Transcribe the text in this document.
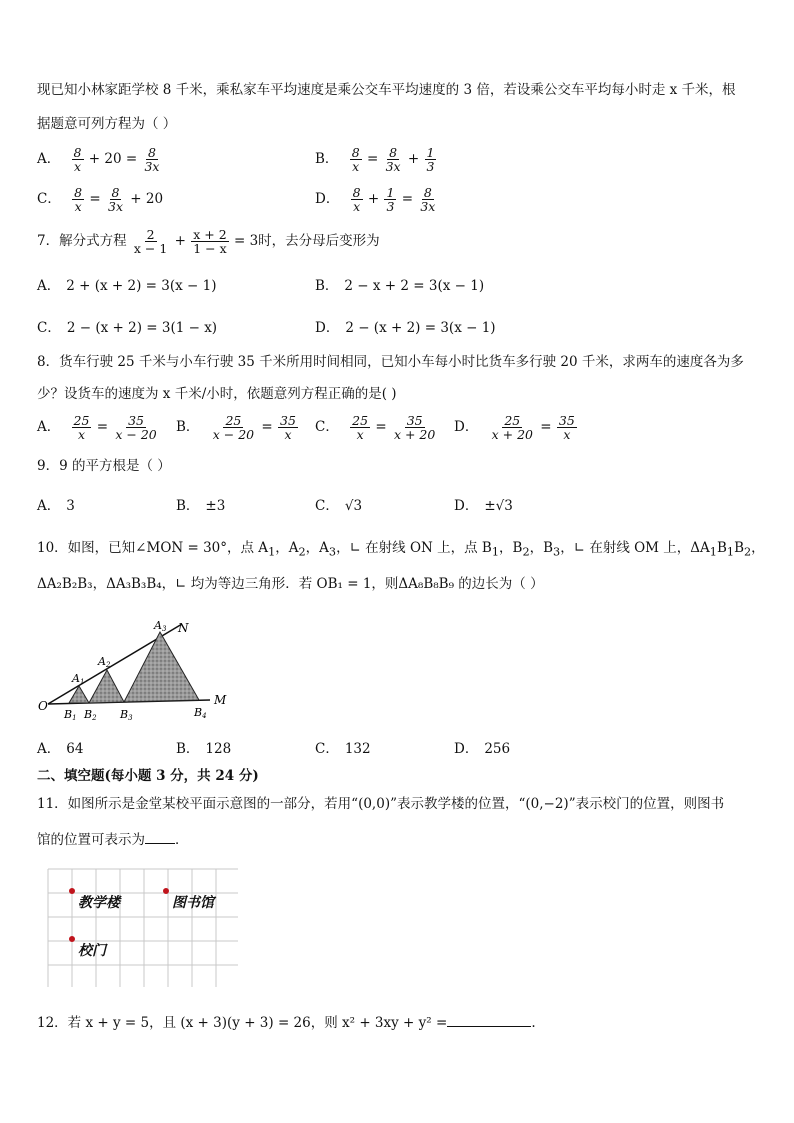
现已知小林家距学校 8 千米，乘私家车平均速度是乘公交车平均速度的 3 倍，若设乘公交车平均每小时走 x 千米，根
据题意可列方程为（ ）
A． $\frac{8}{x} + 20 = \frac{8}{3x}$	B． $\frac{8}{x} = \frac{8}{3x} + \frac{1}{3}$
C． $\frac{8}{x} = \frac{8}{3x} + 20$	D． $\frac{8}{x} + \frac{1}{3} = \frac{8}{3x}$
7．解分式方程 $\frac{2}{x - 1} + \frac{x + 2}{1 - x} = 3$时，去分母后变形为
A． 2 + (x + 2) = 3(x − 1)	B． 2 − x + 2 = 3(x − 1)
C． 2 − (x + 2) = 3(1 − x)	D． 2 − (x + 2) = 3(x − 1)
8．货车行驶 25 千米与小车行驶 35 千米所用时间相同，已知小车每小时比货车多行驶 20 千米，求两车的速度各为多
少？设货车的速度为 x 千米/小时，依题意列方程正确的是( )
A． $\frac{25}{x} = \frac{35}{x - 20}$ B． $\frac{25}{x - 20} = \frac{35}{x}$ C． $\frac{25}{x} = \frac{35}{x + 20}$ D． $\frac{25}{x + 20} = \frac{35}{x}$
9．9 的平方根是（ ）
A． 3	B． ±3	C． √3	D． ±√3
10．如图，已知∠MON = 30°，点 $A_1$，$A_2$，$A_3$，∟ 在射线 ON 上，点 $B_1$，$B_2$，$B_3$，∟ 在射线 OM 上，$\Delta A_1B_1B_2$，
ΔA₂B₂B₃，ΔA₃B₃B₄，∟ 均为等边三角形．若 OB₁ = 1，则ΔA₈B₈B₉ 的边长为（ ）
O	M
N
A1
A2
A3
B1 B2 B3	B4
A． 64	B． 128	C． 132	D． 256
二、填空题(每小题 3 分，共 24 分)
11．如图所示是金堂某校平面示意图的一部分，若用“(0,0)”表示教学楼的位置，“(0,−2)”表示校门的位置，则图书
馆的位置可表示为 ．
教学楼	图书馆
校门
12．若 x + y = 5，且 (x + 3)(y + 3) = 26，则 x² + 3xy + y² =	.
